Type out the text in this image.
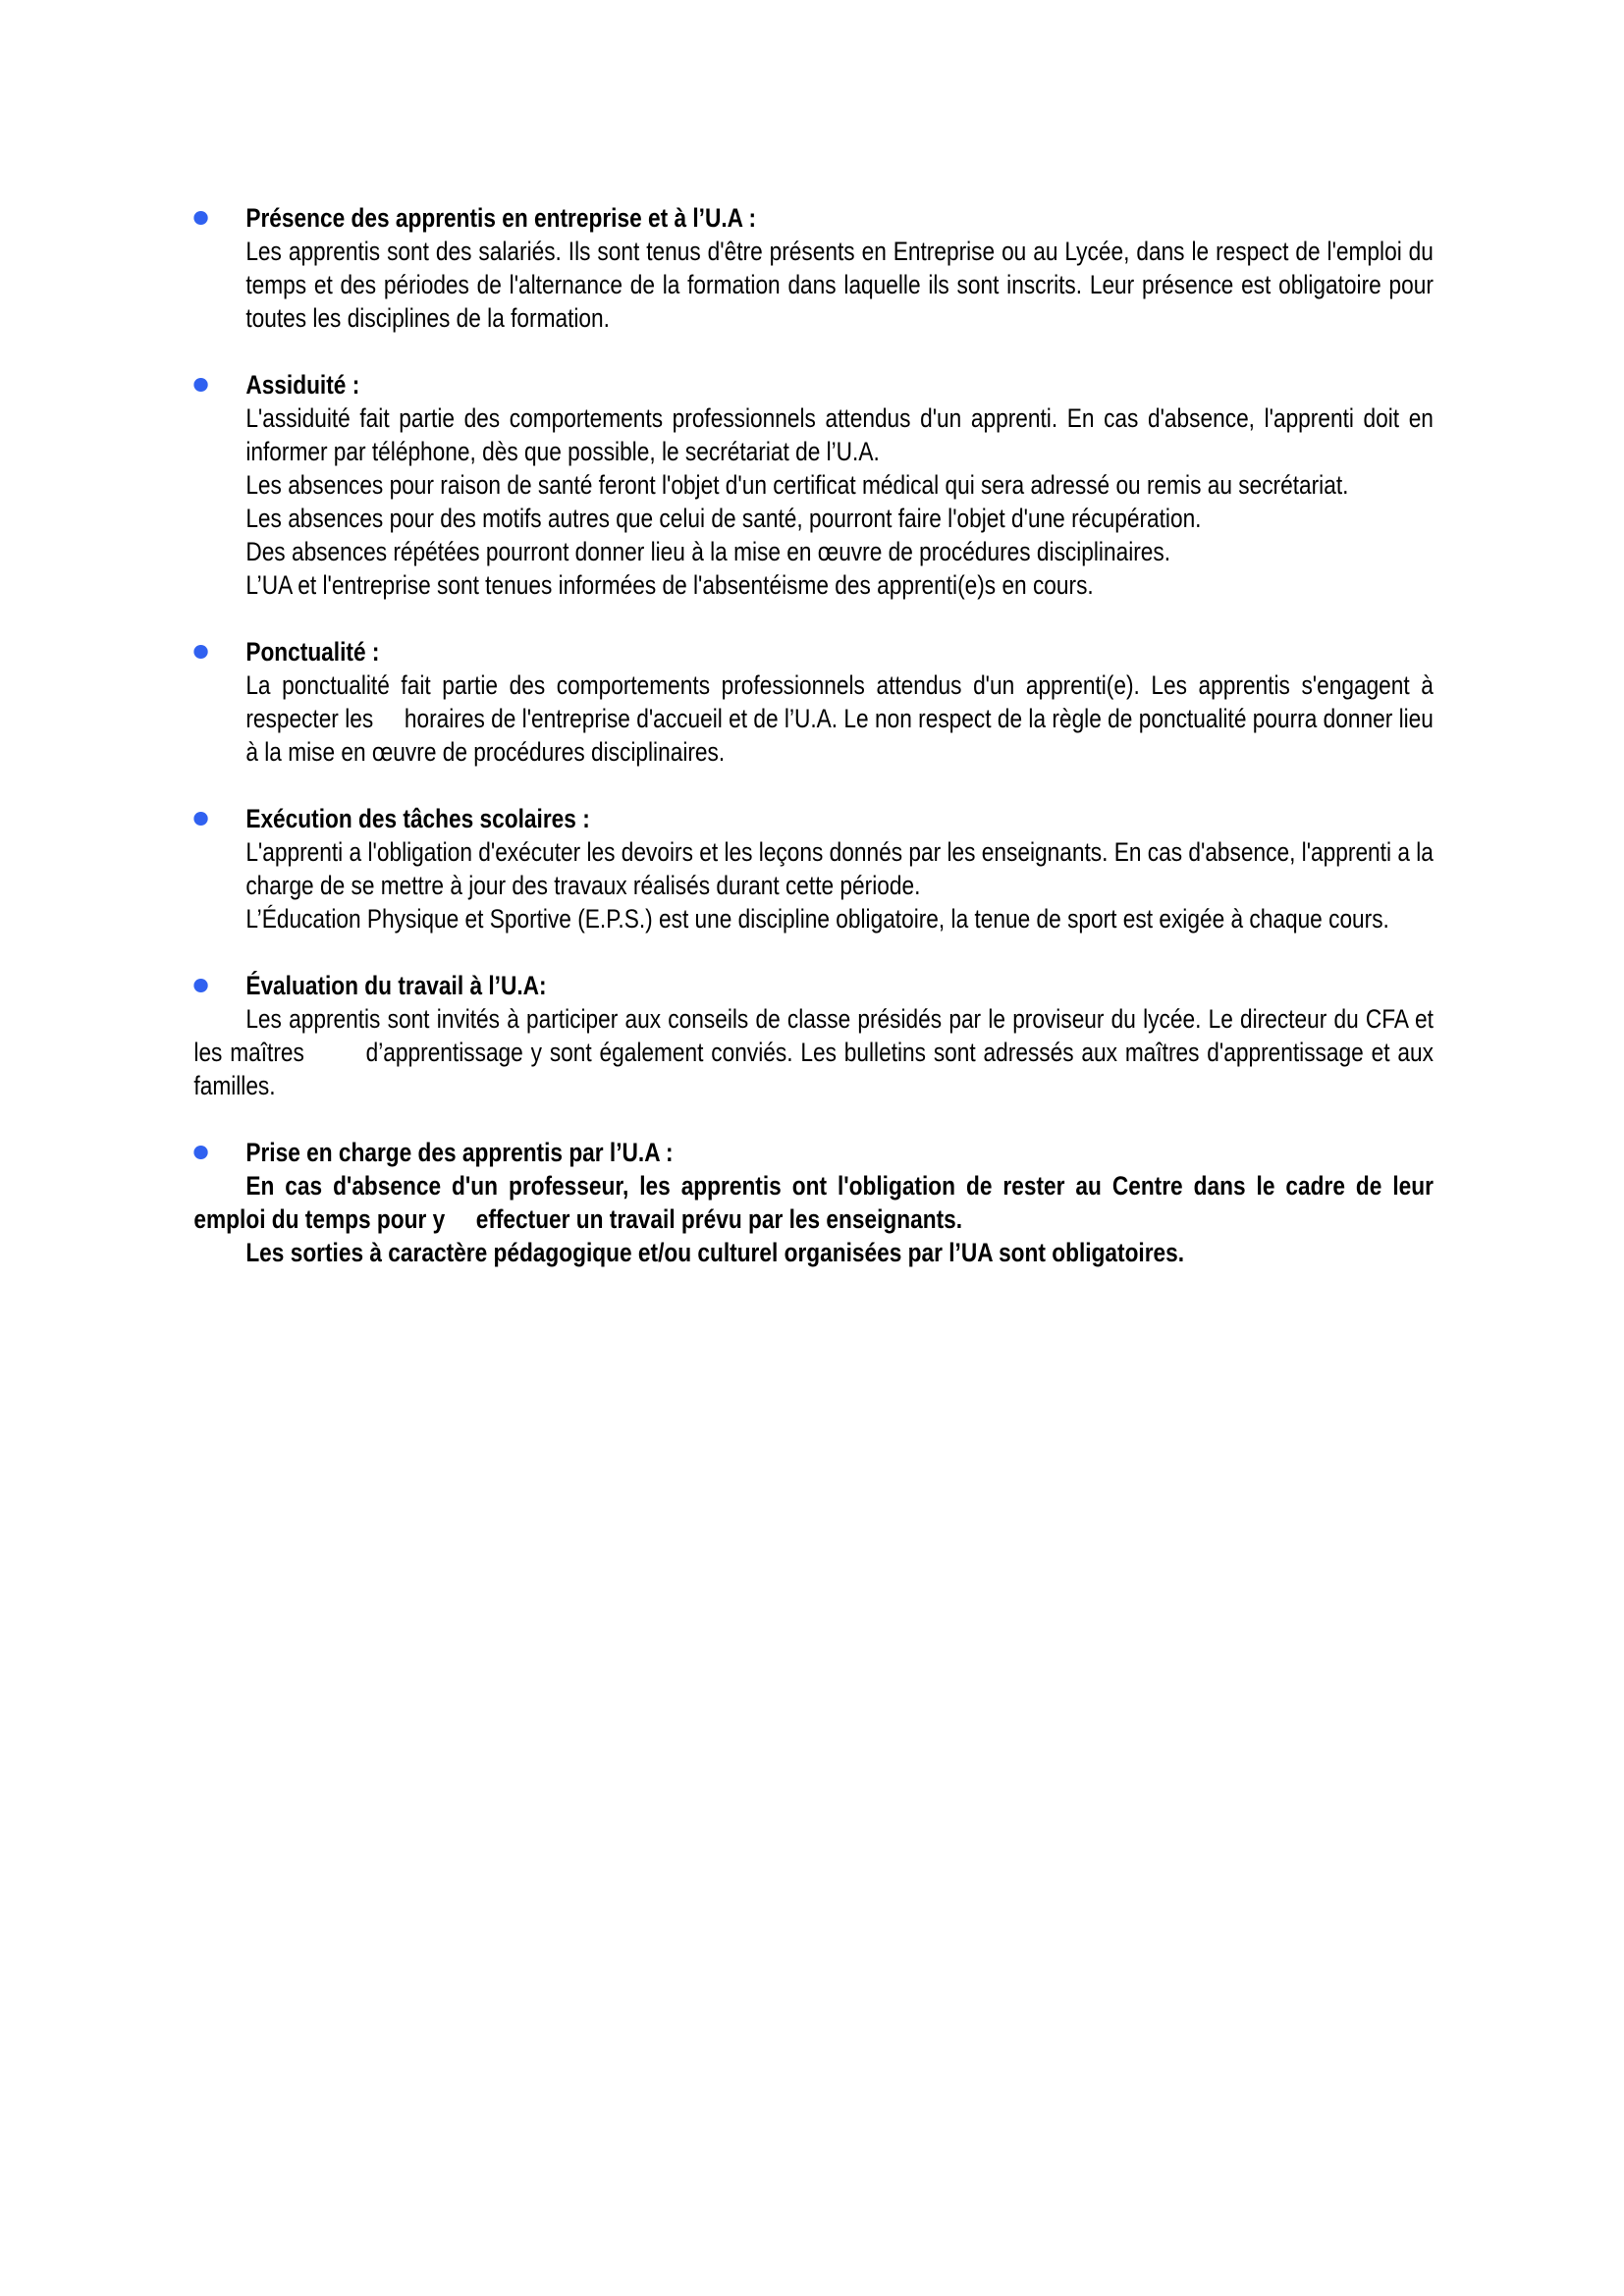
Présence des apprentis en entreprise et à l’U.A :

Les apprentis sont des salariés. Ils sont tenus d'être présents en Entreprise ou au Lycée, dans le respect de l'emploi du temps et des périodes de l'alternance de la formation dans laquelle ils sont inscrits. Leur présence est obligatoire pour toutes les disciplines de la formation.

Assiduité :

L'assiduité fait partie des comportements professionnels attendus d'un apprenti. En cas d'absence, l'apprenti doit en informer par téléphone, dès que possible, le secrétariat de l’U.A.

Les absences pour raison de santé feront l'objet d'un certificat médical qui sera adressé ou remis au secrétariat.

Les absences pour des motifs autres que celui de santé, pourront faire l'objet d'une récupération.

Des absences répétées pourront donner lieu à la mise en œuvre de procédures disciplinaires.

L’UA et l'entreprise sont tenues informées de l'absentéisme des apprenti(e)s en cours.

Ponctualité :

La ponctualité fait partie des comportements professionnels attendus d'un apprenti(e). Les apprentis s'engagent à respecter les     horaires de l'entreprise d'accueil et de l’U.A. Le non respect de la règle de ponctualité pourra donner lieu à la mise en œuvre de procédures disciplinaires.

Exécution des tâches scolaires :

L'apprenti a l'obligation d'exécuter les devoirs et les leçons donnés par les enseignants. En cas d'absence, l'apprenti a la charge de se mettre à jour des travaux réalisés durant cette période.

L’Éducation Physique et Sportive (E.P.S.) est une discipline obligatoire, la tenue de sport est exigée à chaque cours.

Évaluation du travail à l’U.A:

Les apprentis sont invités à participer aux conseils de classe présidés par le proviseur du lycée. Le directeur du CFA et les maîtres        d’apprentissage y sont également conviés. Les bulletins sont adressés aux maîtres d'apprentissage et aux familles.

Prise en charge des apprentis par l’U.A :

En cas d'absence d'un professeur, les apprentis ont l'obligation de rester au Centre dans le cadre de leur emploi du temps pour y     effectuer un travail prévu par les enseignants.

Les sorties à caractère pédagogique et/ou culturel organisées par l’UA sont obligatoires.
